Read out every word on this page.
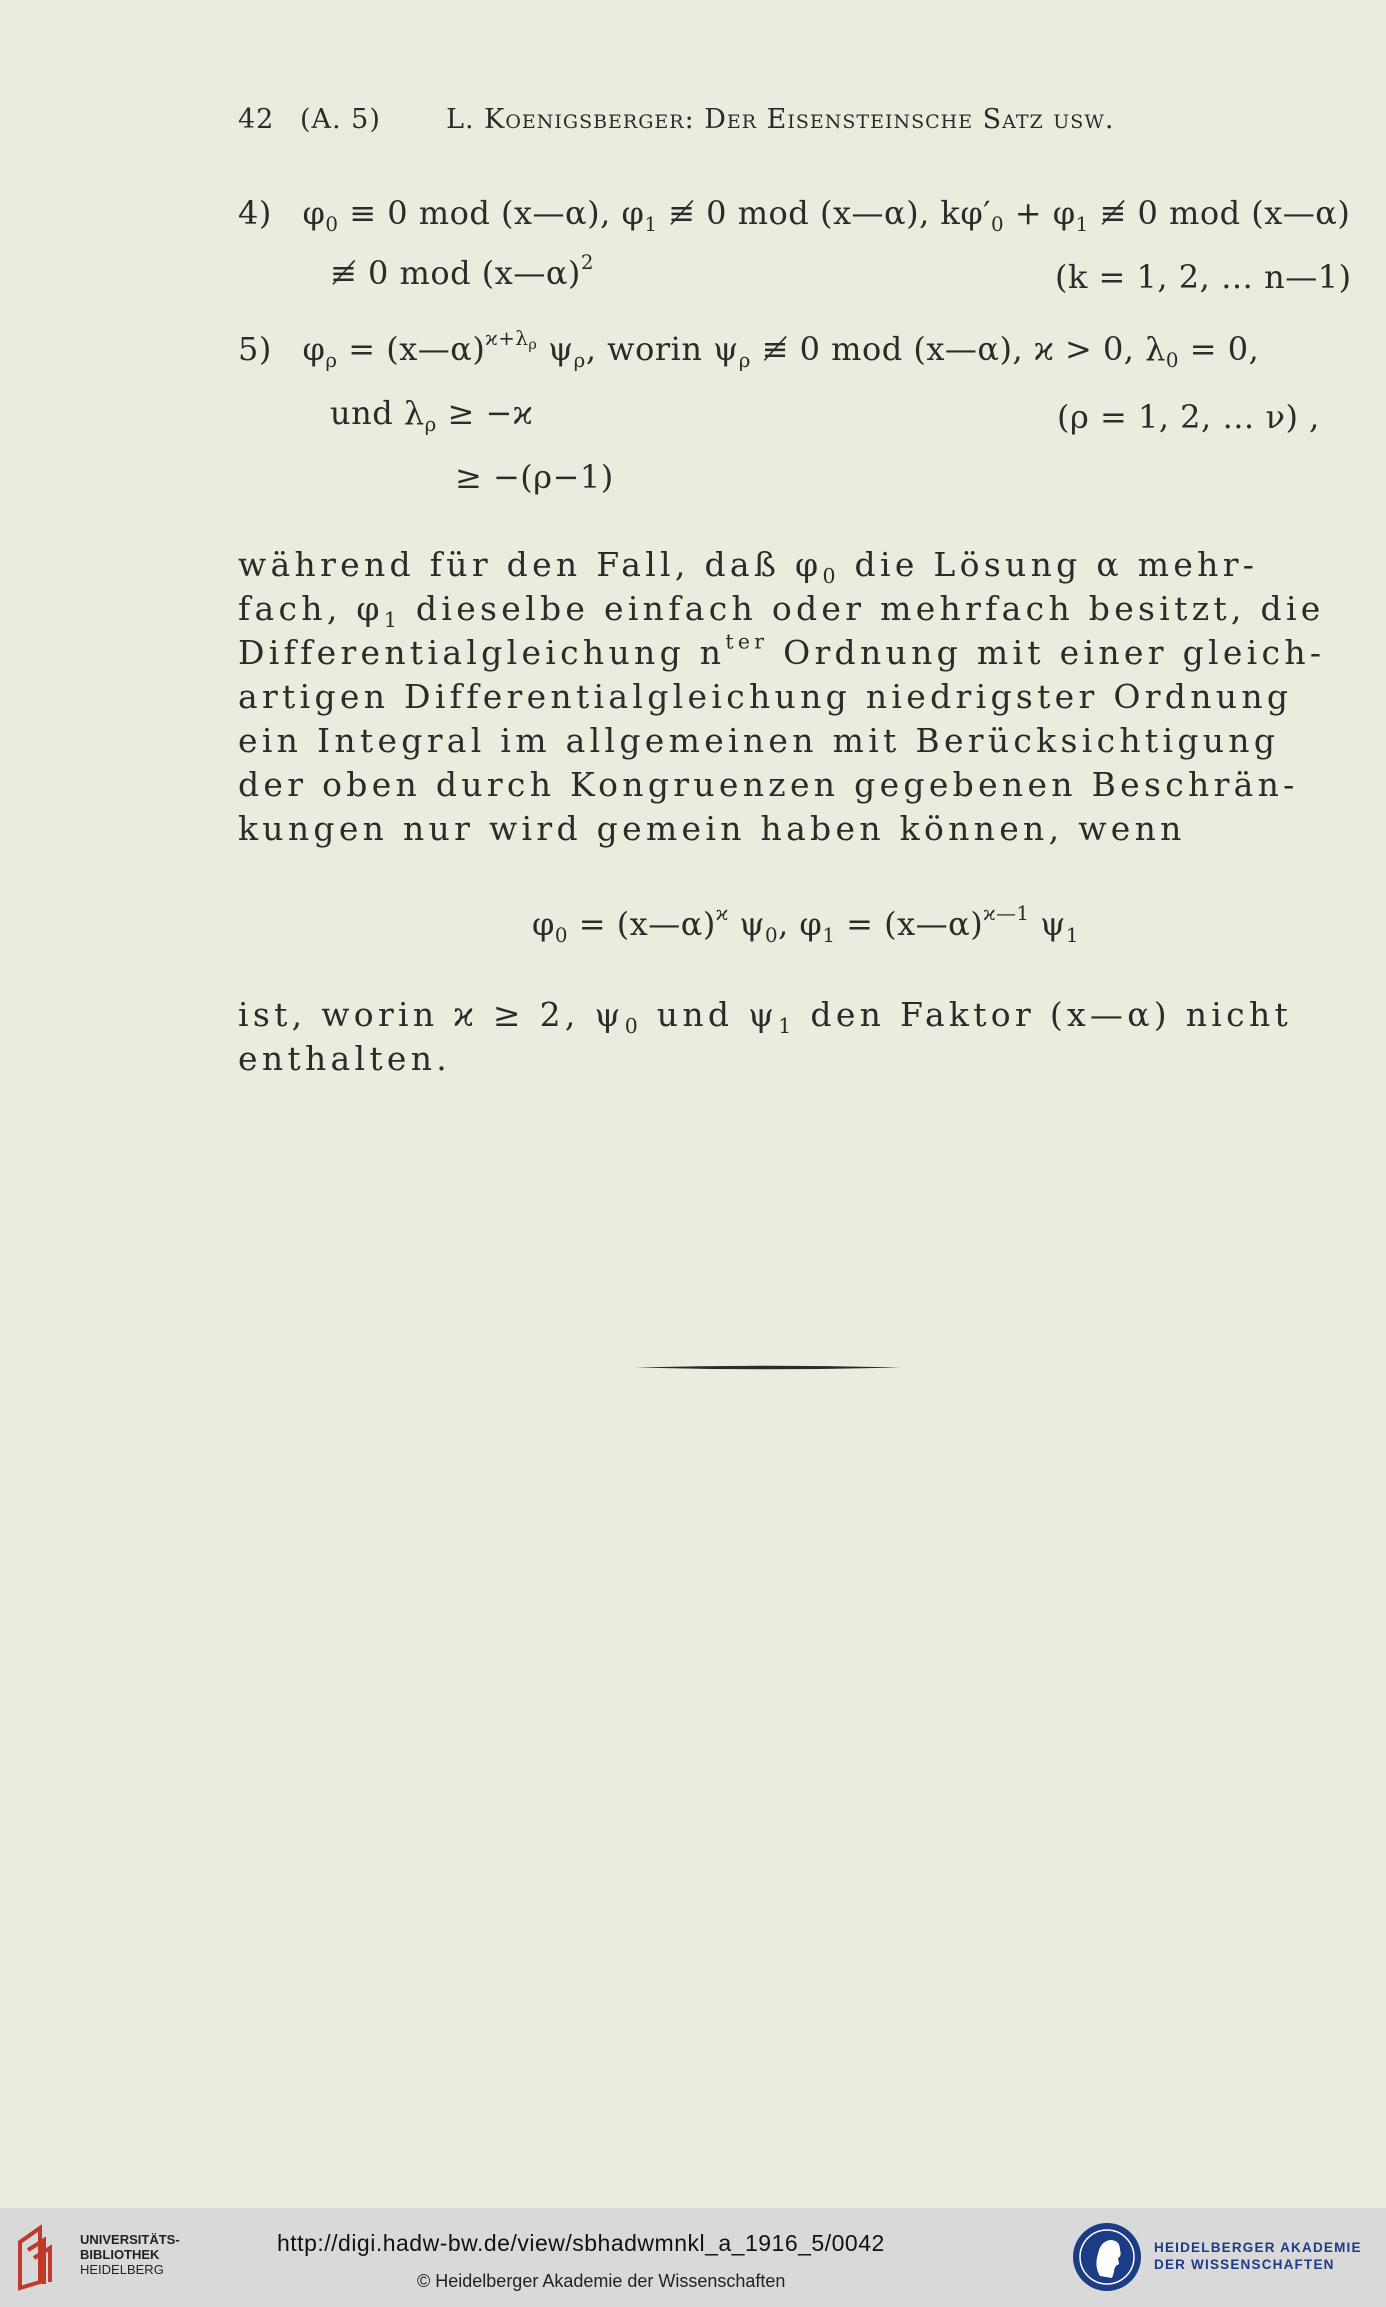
42 (A. 5) L. Koenigsberger: Der Eisensteinsche Satz usw.
4) $\varphi_0 \equiv 0$ mod (x—α), $\varphi_1$ ≢ 0 mod (x—α), $k\varphi'_0 + \varphi_1$ ≢ 0 mod (x—α)
≢ 0 mod (x—α)$^2$	(k = 1, 2, … n—1)
5) $\varphi_\rho$ = (x—α)$^{ϰ+\lambda\rho}$ $\psi_\rho$, worin $\psi_\rho$ ≢ 0 mod (x—α), ϰ > 0, $\lambda_0 = 0$,
und $\lambda_\rho \ge -ϰ$	(ρ = 1, 2, … ν) ,
≥ −(ρ−1)
während für den Fall, daß $\varphi_0$ die Lösung α mehr-
fach, $\varphi_1$ dieselbe einfach oder mehrfach besitzt, die
Differentialgleichung $n^{ter}$ Ordnung mit einer gleich-
artigen Differentialgleichung niedrigster Ordnung
ein Integral im allgemeinen mit Berücksichtigung
der oben durch Kongruenzen gegebenen Beschrän-
kungen nur wird gemein haben können, wenn
$\varphi_0$ = (x—α)$^ϰ$ $\psi_0$, $\varphi_1$ = (x—α)$^{ϰ—1}$ $\psi_1$
ist, worin ϰ ≥ 2, $\psi_0$ und $\psi_1$ den Faktor (x—α) nicht
enthalten.
UNIVERSITÄTS-
BIBLIOTHEK
HEIDELBERG
http://digi.hadw-bw.de/view/sbhadwmnkl_a_1916_5/0042
© Heidelberger Akademie der Wissenschaften
HEIDELBERGER AKADEMIE
DER WISSENSCHAFTEN
